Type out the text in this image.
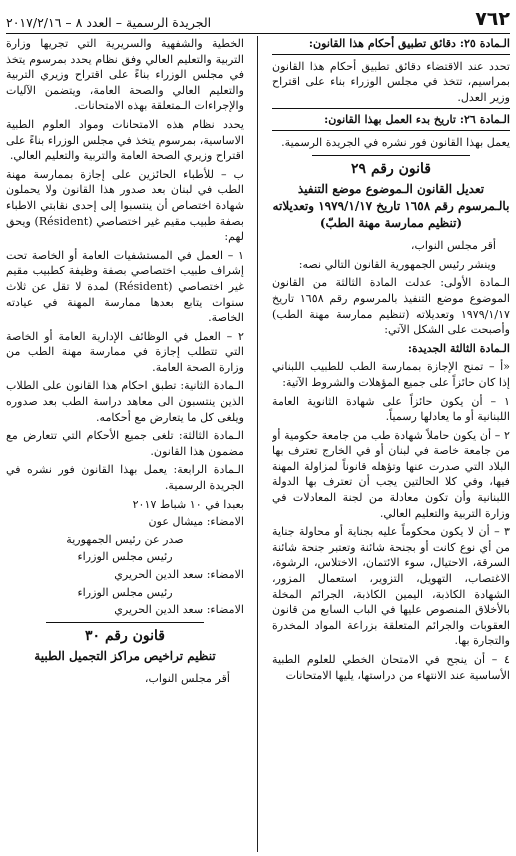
٧٦٢
الجريدة الرسمية – العدد ٨ – ٢٠١٧/٢/١٦

الـمادة ٢٥: دقائق تطبيق أحكام هذا القانون:

تحدد عند الاقتضاء دقائق تطبيق أحكام هذا القانون بمراسيم، تتخذ في مجلس الوزراء بناء على اقتراح وزير العدل.

الـمادة ٢٦: تاريخ بدء العمل بهذا القانون:

يعمل بهذا القانون فور نشره في الجريدة الرسمية.

قانون رقم ٢٩
تعديل القانون الـموضوع موضع التنفيذ بالـمرسوم رقم ١٦٥٨ تاريخ ١٩٧٩/١/١٧ وتعديلاته (تنظيم ممارسة مهنة الطبّ)

أقر مجلس النواب،

وينشر رئيس الجمهورية القانون التالي نصه:

الـمادة الأولى: عدلت المادة الثالثة من القانون الموضوع موضع التنفيذ بالمرسوم رقم ١٦٥٨ تاريخ ١٩٧٩/١/١٧ وتعديلاته (تنظيم ممارسة مهنة الطب) وأصبحت على الشكل الآتي:

الـمادة الثالثة الجديدة:

«أ – تمنح الإجازة بممارسة الطب للطبيب اللبناني إذا كان حائزاً على جميع المؤهلات والشروط الآتية:

١ – أن يكون حائزاً على شهادة الثانوية العامة اللبنانية أو ما يعادلها رسمياً.

٢ – أن يكون حاملاً شهادة طب من جامعة حكومية أو من جامعة خاصة في لبنان أو في الخارج تعترف بها البلاد التي صدرت عنها وتؤهله قانوناً لمزاولة المهنة فيها، وفي كلا الحالتين يجب أن تعترف بها الدولة اللبنانية وأن تكون معادلة من لجنة المعادلات في وزارة التربية والتعليم العالي.

٣ – أن لا يكون محكوماً عليه بجناية أو محاولة جناية من أي نوع كانت أو بجنحة شائنة وتعتبر جنحة شائنة السرقة، الاحتيال، سوء الائتمان، الاختلاس، الرشوة، الاغتصاب، التهويل، التزوير، استعمال المزور، الشهادة الكاذبة، اليمين الكاذبة، الجرائم المخلة بالأخلاق المنصوص عليها في الباب السابع من قانون العقوبات والجرائم المتعلقة بزراعة المواد المخدرة والتجارة بها.

٤ – أن ينجح في الامتحان الخطي للعلوم الطبية الأساسية عند الانتهاء من دراستها، يليها الامتحانات

الخطية والشفهية والسريرية التي تجريها وزارة التربية والتعليم العالي وفق نظام يحدد بمرسوم يتخذ في مجلس الوزراء بناءً على اقتراح وزيري التربية والتعليم العالي والصحة العامة، ويتضمن الآليات والإجراءات الـمتعلقة بهذه الامتحانات.

يحدد نظام هذه الامتحانات ومواد العلوم الطبية الاساسية، بمرسوم يتخذ في مجلس الوزراء بناءً على اقتراح وزيري الصحة العامة والتربية والتعليم العالي.

ب – للأطباء الحائزين على إجازة بممارسة مهنة الطب في لبنان بعد صدور هذا القانون ولا يحملون شهادة اختصاص أن ينتسبوا إلى إحدى نقابتي الاطباء بصفة طبيب مقيم غير اختصاصي (Résident) ويحق لهم:

١ – العمل في المستشفيات العامة أو الخاصة تحت إشراف طبيب اختصاصي بصفة وظيفة كطبيب مقيم غير اختصاصي (Résident) لمدة لا تقل عن ثلاث سنوات يتابع بعدها ممارسة المهنة في عيادته الخاصة.

٢ – العمل في الوظائف الإدارية العامة أو الخاصة التي تتطلب إجازة في ممارسة مهنة الطب من وزارة الصحة العامة.

الـمادة الثانية: تطبق احكام هذا القانون على الطلاب الذين ينتسبون الى معاهد دراسة الطب بعد صدوره ويلغى كل ما يتعارض مع أحكامه.

الـمادة الثالثة: تلغى جميع الأحكام التي تتعارض مع مضمون هذا القانون.

الـمادة الرابعة: يعمل بهذا القانون فور نشره في الجريدة الرسمية.

بعبدا في ١٠ شباط ٢٠١٧

الامضاء: ميشال عون

صدر عن رئيس الجمهورية

رئيس مجلس الوزراء

الامضاء: سعد الدين الحريري

رئيس مجلس الوزراء

الامضاء: سعد الدين الحريري

قانون رقم ٣٠
تنظيم تراخيص مراكز التجميل الطبية

أقر مجلس النواب،
